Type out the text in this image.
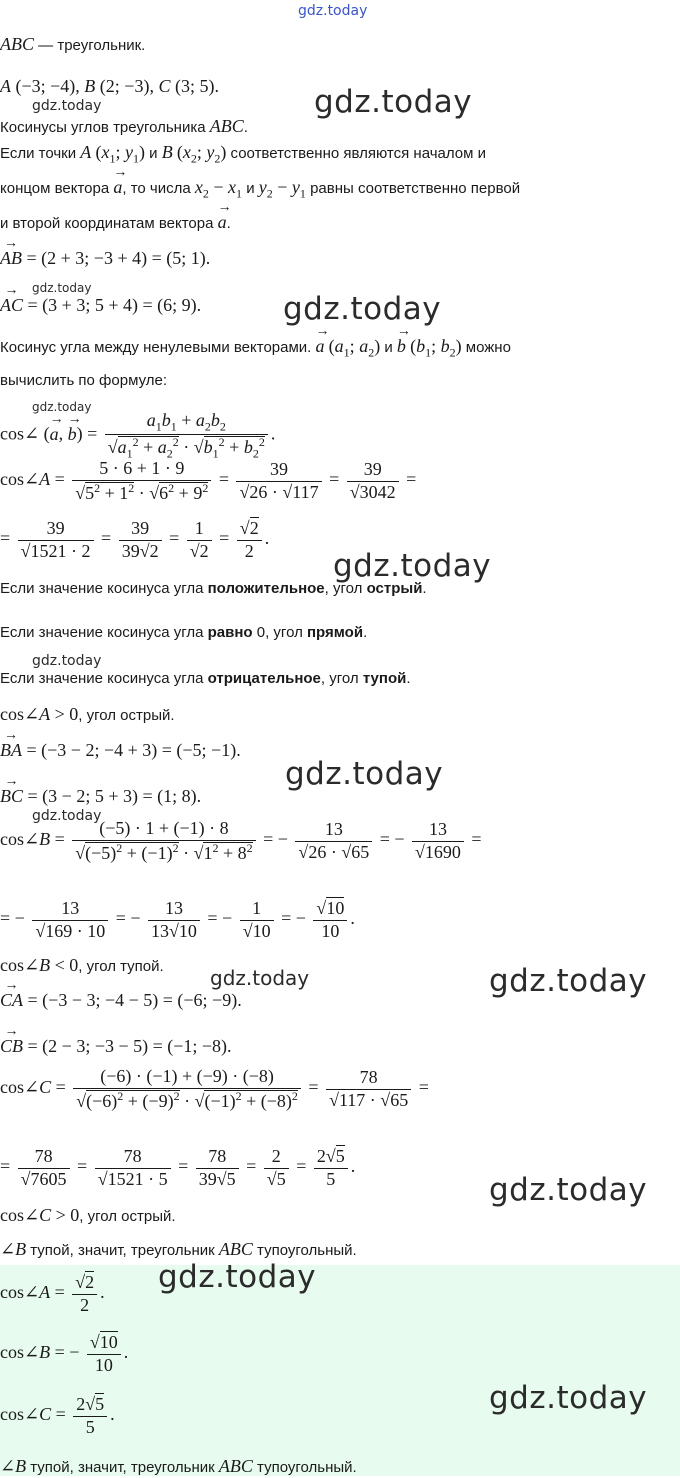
gdz.today
gdz.today	gdz.today
gdz.today
gdz.today
gdz.today
gdz.today
gdz.today
gdz.today
gdz.today
gdz.today	gdz.today
gdz.today
gdz.today
gdz.today
ABC — треугольник.
A (−3; −4), B (2; −3), C (3; 5).
Косинусы углов треугольника ABC.
Если точки A ($x_1$; $y_1$) и B ($x_2$; $y_2$) соответственно являются началом и
концом вектора → a, то числа $x_2 - x_1$ и $y_2 - y_1$ равны соответственно первой
и второй координатам вектора → a.
→ AB = (2 + 3; −3 + 4) = (5; 1).
→ AC = (3 + 3; 5 + 4) = (6; 9).
Косинус угла между ненулевыми векторами. → a ($a_1$; $a_2$) и → b ($b_1$; $b_2$) можно
вычислить по формуле:
cos∠ (→ a, → $b) = a_1b_1 + a_2b_2$
√ $a_1^2 + a_2^2$ · √ $b_1^2 + b_2^2$ .
cos∠A = 5 · 6 + 1 · 9
√ $5^2 + 1^2$ · √ $6^2 + 9^2 = 39$
√ 26 · √ 117 = 39
√ 3042 =
= 39
√ $1521 \cdot 2 = \frac{39}{39 √ 2} = 1$
√ 2 = √ $\frac{2}{2}$ .
Если значение косинуса угла положительное, угол острый.
Если значение косинуса угла равно 0, угол прямой.
Если значение косинуса угла отрицательное, угол тупой.
cos∠A > 0, угол острый.
→ BA = (−3 − 2; −4 + 3) = (−5; −1).
→ BC = (3 − 2; 5 + 3) = (1; 8).
cos∠B = (−5) · 1 + (−1) · 8
√ $(-5)^2 + (-1)^2$ · √ $1^2 + 8^2$ = − 13
√ 26 · √ 65 = − 13
√ 1690 =
= − 13
√ 169 · 10 = − $\frac{13}{13 √ 10}$ = − 1
√ 10 = − √ $\frac{10}{10}$ .
cos∠B < 0, угол тупой.
→ CA = (−3 − 3; −4 − 5) = (−6; −9).
→ CB = (2 − 3; −3 − 5) = (−1; −8).
cos∠C = (−6) · (−1) + (−9) · (−8)
√ $(-6)^2 + (-9)^2$ · √ $(-1)^2 + (-8)^2 = 78$
√ 117 · √ 65 =
= 78
√ 7605 = 78
√ $1521 \cdot 5 = \frac{78}{39 √ 5} = 2$
√ $5 = \frac{2 √ 5}{5}$ .
cos∠C > 0, угол острый.
∠B тупой, значит, треугольник ABC тупоугольный.
cos∠A = √ $\frac{2}{2}$ .
cos∠B = − √ $\frac{10}{10}$ .
cos∠C = $\frac{2 √ 5}{5}$ .
∠B тупой, значит, треугольник ABC тупоугольный.
